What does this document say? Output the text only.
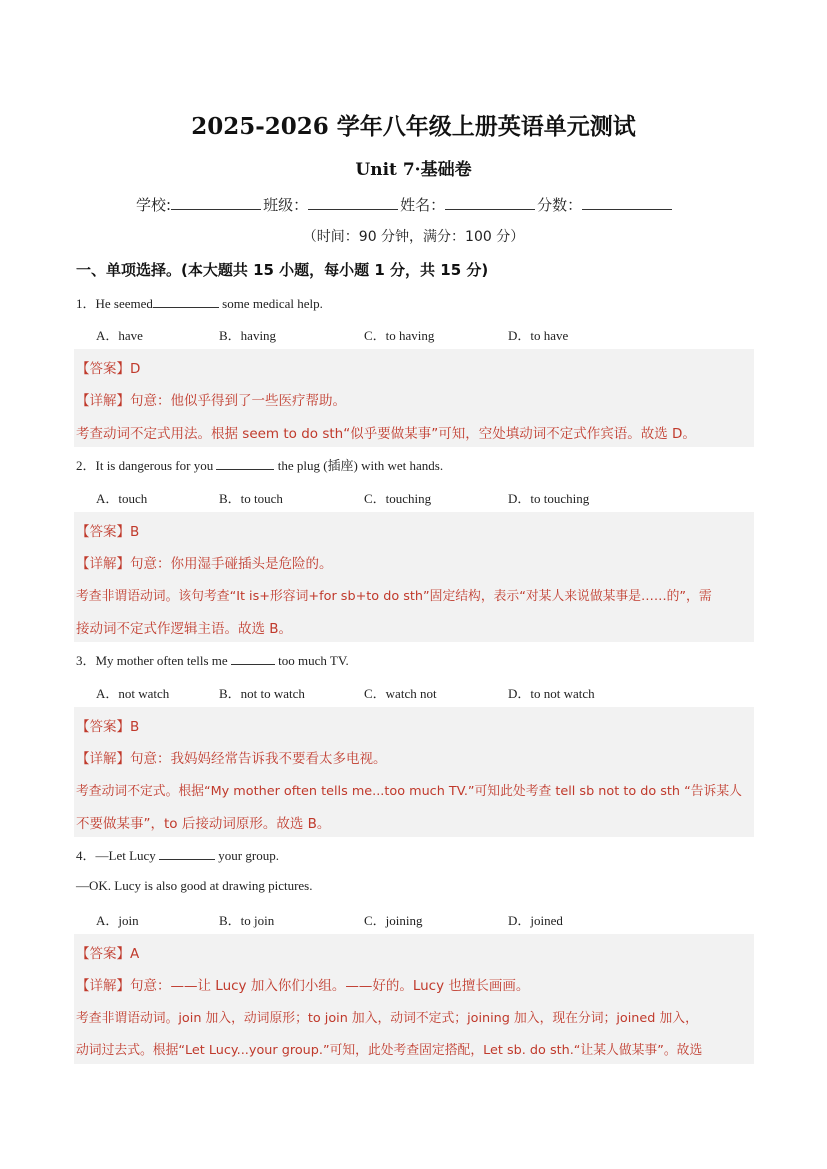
2025-2026 学年八年级上册英语单元测试
Unit 7·基础卷
学校:	班级：	姓名：	分数：
（时间：90 分钟，满分：100 分）
一、单项选择。(本大题共 15 小题，每小题 1 分，共 15 分)
1．He seemed	some medical help.
A．have	B．having	C．to having	D．to have
【答案】D
【详解】句意：他似乎得到了一些医疗帮助。
考查动词不定式用法。根据 seem to do sth“似乎要做某事”可知，空处填动词不定式作宾语。故选 D。
2．It is dangerous for you	the plug (插座) with wet hands.
A．touch	B．to touch	C．touching	D．to touching
【答案】B
【详解】句意：你用湿手碰插头是危险的。
考查非谓语动词。该句考查“It is+形容词+for sb+to do sth”固定结构，表示“对某人来说做某事是……的”，需
接动词不定式作逻辑主语。故选 B。
3．My mother often tells me	too much TV.
A．not watch	B．not to watch	C．watch not	D．to not watch
【答案】B
【详解】句意：我妈妈经常告诉我不要看太多电视。
考查动词不定式。根据“My mother often tells me...too much TV.”可知此处考查 tell sb not to do sth “告诉某人
不要做某事”，to 后接动词原形。故选 B。
4．—Let Lucy	your group.
—OK. Lucy is also good at drawing pictures.
A．join	B．to join	C．joining	D．joined
【答案】A
【详解】句意：——让 Lucy 加入你们小组。——好的。Lucy 也擅长画画。
考查非谓语动词。join 加入，动词原形；to join 加入，动词不定式；joining 加入，现在分词；joined 加入，
动词过去式。根据“Let Lucy...your group.”可知，此处考查固定搭配，Let sb. do sth.“让某人做某事”。故选
